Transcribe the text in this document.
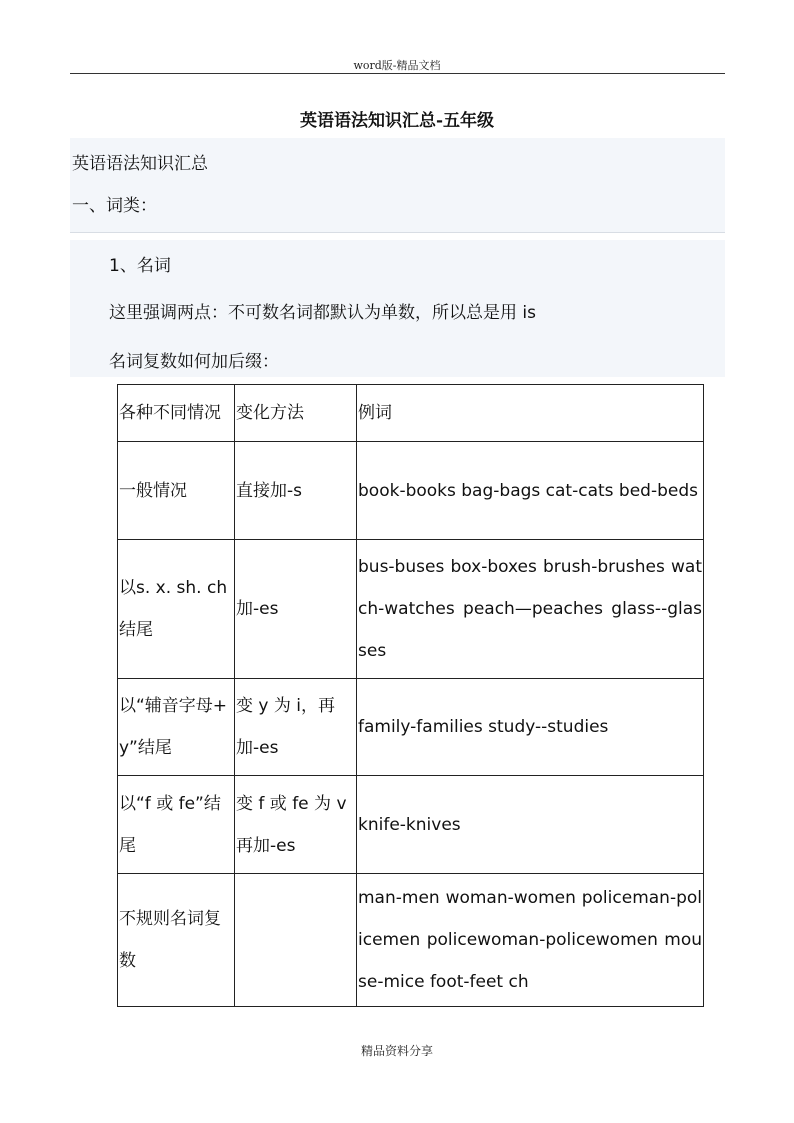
word版-精品文档
英语语法知识汇总-五年级
英语语法知识汇总
一、词类：
1、名词
这里强调两点：不可数名词都默认为单数，所以总是用 is
名词复数如何加后缀：
各种不同情况	变化方法	例词
一般情况	直接加-s	book-books bag-bags cat-cats bed-beds
以s. x. sh. ch结尾	加-es	bus-buses box-boxes brush-brushes watch-watches peach—peaches glass--glasses
以“辅音字母+y”结尾	变 y 为 i，再加-es	family-families study--studies
以“f 或 fe”结尾	变 f 或 fe 为 v 再加-es	knife-knives
不规则名词复数		man-men woman-women policeman-policemen policewoman-policewomen mouse-mice foot-feet ch
精品资料分享
